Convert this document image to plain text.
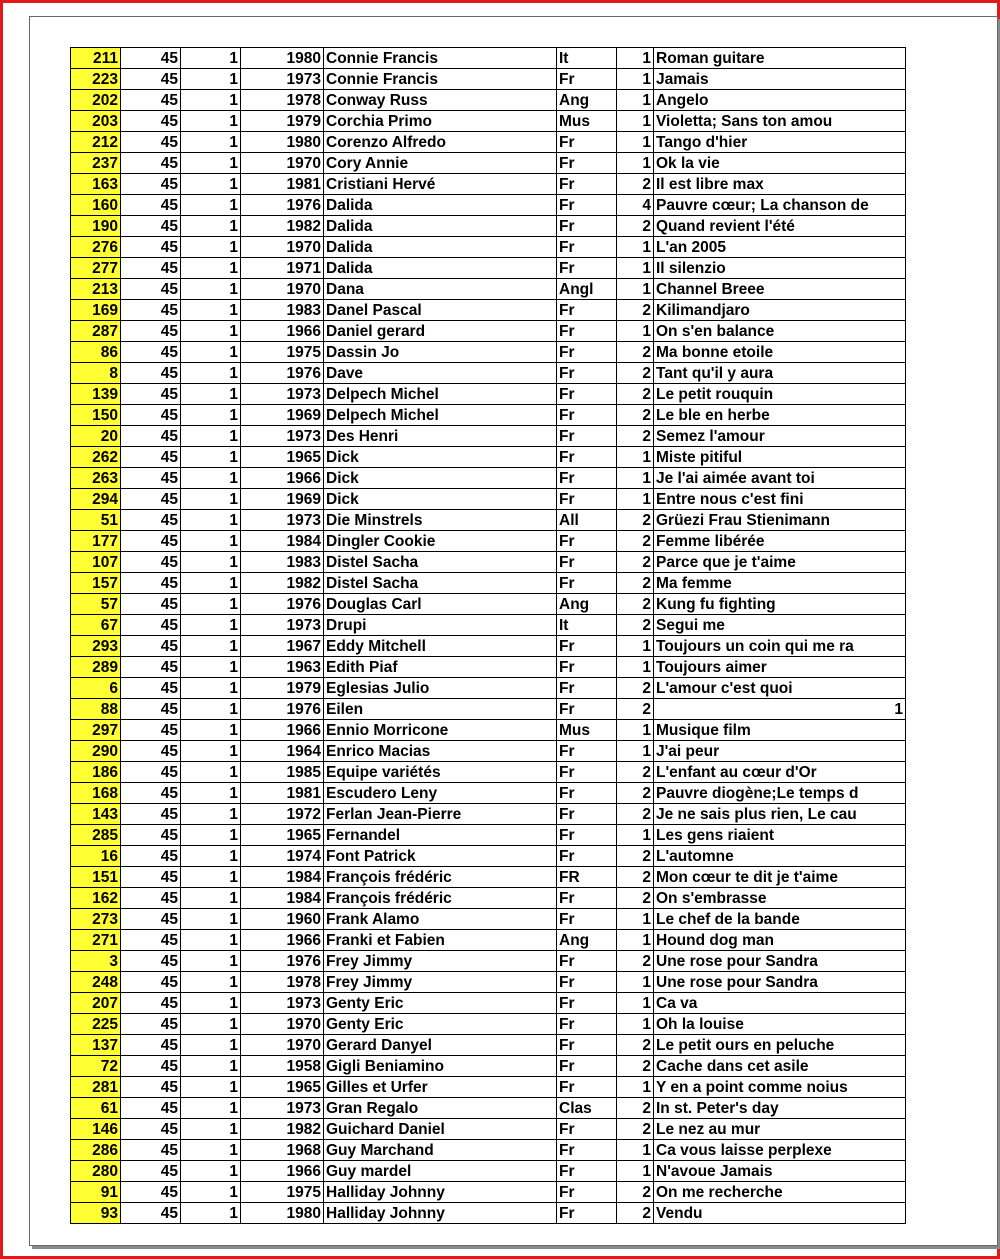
211	45	1	1980	Connie Francis	It	1	Roman guitare
223	45	1	1973	Connie Francis	Fr	1	Jamais
202	45	1	1978	Conway Russ	Ang	1	Angelo
203	45	1	1979	Corchia Primo	Mus	1	Violetta; Sans ton amou
212	45	1	1980	Corenzo Alfredo	Fr	1	Tango d'hier
237	45	1	1970	Cory Annie	Fr	1	Ok la vie
163	45	1	1981	Cristiani Hervé	Fr	2	Il est libre max
160	45	1	1976	Dalida	Fr	4	Pauvre cœur; La chanson de
190	45	1	1982	Dalida	Fr	2	Quand revient l'été
276	45	1	1970	Dalida	Fr	1	L'an 2005
277	45	1	1971	Dalida	Fr	1	Il silenzio
213	45	1	1970	Dana	Angl	1	Channel Breee
169	45	1	1983	Danel Pascal	Fr	2	Kilimandjaro
287	45	1	1966	Daniel gerard	Fr	1	On s'en balance
86	45	1	1975	Dassin Jo	Fr	2	Ma bonne etoile
8	45	1	1976	Dave	Fr	2	Tant qu'il y aura
139	45	1	1973	Delpech Michel	Fr	2	Le petit rouquin
150	45	1	1969	Delpech Michel	Fr	2	Le ble en herbe
20	45	1	1973	Des Henri	Fr	2	Semez l'amour
262	45	1	1965	Dick	Fr	1	Miste pitiful
263	45	1	1966	Dick	Fr	1	Je l'ai aimée avant toi
294	45	1	1969	Dick	Fr	1	Entre nous c'est fini
51	45	1	1973	Die Minstrels	All	2	Grüezi Frau Stienimann
177	45	1	1984	Dingler Cookie	Fr	2	Femme libérée
107	45	1	1983	Distel Sacha	Fr	2	Parce que je t'aime
157	45	1	1982	Distel Sacha	Fr	2	Ma femme
57	45	1	1976	Douglas Carl	Ang	2	Kung fu fighting
67	45	1	1973	Drupi	It	2	Segui me
293	45	1	1967	Eddy Mitchell	Fr	1	Toujours un coin qui me ra
289	45	1	1963	Edith Piaf	Fr	1	Toujours aimer
6	45	1	1979	Eglesias Julio	Fr	2	L'amour c'est quoi
88	45	1	1976	Eilen	Fr	2	1
297	45	1	1966	Ennio Morricone	Mus	1	Musique film
290	45	1	1964	Enrico Macias	Fr	1	J'ai peur
186	45	1	1985	Equipe variétés	Fr	2	L'enfant au cœur d'Or
168	45	1	1981	Escudero Leny	Fr	2	Pauvre diogène;Le temps d
143	45	1	1972	Ferlan Jean-Pierre	Fr	2	Je ne sais plus rien, Le cau
285	45	1	1965	Fernandel	Fr	1	Les gens riaient
16	45	1	1974	Font Patrick	Fr	2	L'automne
151	45	1	1984	François frédéric	FR	2	Mon cœur te dit je t'aime
162	45	1	1984	François frédéric	Fr	2	On s'embrasse
273	45	1	1960	Frank Alamo	Fr	1	Le chef de la bande
271	45	1	1966	Franki et Fabien	Ang	1	Hound dog man
3	45	1	1976	Frey Jimmy	Fr	2	Une rose pour Sandra
248	45	1	1978	Frey Jimmy	Fr	1	Une rose pour Sandra
207	45	1	1973	Genty Eric	Fr	1	Ca va
225	45	1	1970	Genty Eric	Fr	1	Oh la louise
137	45	1	1970	Gerard Danyel	Fr	2	Le petit ours en peluche
72	45	1	1958	Gigli Beniamino	Fr	2	Cache dans cet asile
281	45	1	1965	Gilles et Urfer	Fr	1	Y en a point comme noius
61	45	1	1973	Gran Regalo	Clas	2	In st. Peter's day
146	45	1	1982	Guichard Daniel	Fr	2	Le nez au mur
286	45	1	1968	Guy Marchand	Fr	1	Ca vous laisse perplexe
280	45	1	1966	Guy mardel	Fr	1	N'avoue Jamais
91	45	1	1975	Halliday Johnny	Fr	2	On me recherche
93	45	1	1980	Halliday Johnny	Fr	2	Vendu
